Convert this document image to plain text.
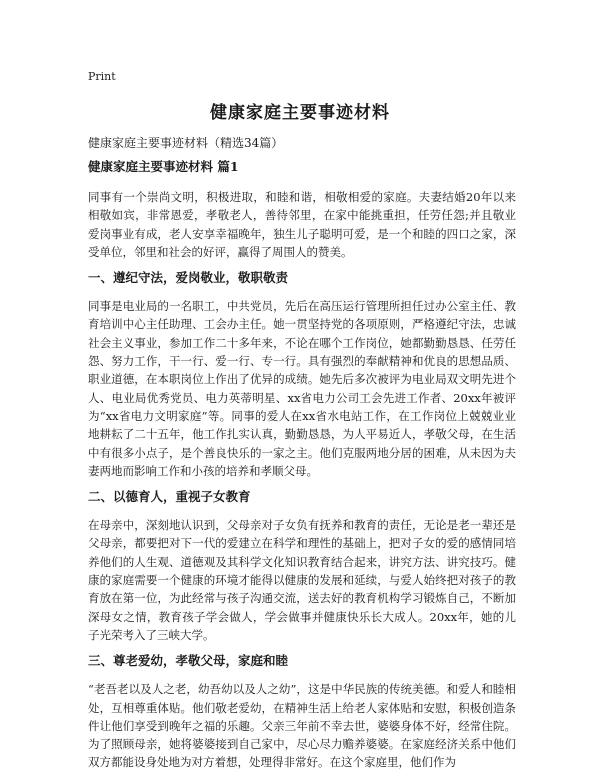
Print
健康家庭主要事迹材料

健康家庭主要事迹材料（精选34篇）

健康家庭主要事迹材料 篇1

同事有一个崇尚文明，积极进取，和睦和谐，相敬相爱的家庭。夫妻结婚20年以来相敬如宾，非常恩爱，孝敬老人，善待邻里，在家中能挑重担，任劳任怨;并且敬业爱岗事业有成，老人安享幸福晚年，独生儿子聪明可爱，是一个和睦的四口之家，深受单位，邻里和社会的好评，赢得了周围人的赞美。

一、遵纪守法，爱岗敬业，敬职敬责

同事是电业局的一名职工，中共党员，先后在高压运行管理所担任过办公室主任、教育培训中心主任助理、工会办主任。她一贯坚持党的各项原则，严格遵纪守法，忠诚社会主义事业，参加工作二十多年来，不论在哪个工作岗位，她都勤勤恳恳、任劳任怨、努力工作，干一行、爱一行、专一行。具有强烈的奉献精神和优良的思想品质、职业道德，在本职岗位上作出了优异的成绩。她先后多次被评为电业局双文明先进个人、电业局优秀党员、电力英蒂明星、xx省电力公司工会先进工作者、20xx年被评为“xx省电力文明家庭”等。同事的爱人在xx省水电站工作，在工作岗位上兢兢业业地耕耘了二十五年，他工作扎实认真，勤勤恳恳，为人平易近人，孝敬父母，在生活中有很多小点子，是个善良快乐的一家之主。他们克服两地分居的困难，从未因为夫妻两地而影响工作和小孩的培养和孝顺父母。

二、以德育人，重视子女教育

在母亲中，深刻地认识到，父母亲对子女负有抚养和教育的责任，无论是老一辈还是父母亲，都要把对下一代的爱建立在科学和理性的基础上，把对子女的爱的感情同培养他们的人生观、道德观及其科学文化知识教育结合起来，讲究方法、讲究技巧。健康的家庭需要一个健康的环境才能得以健康的发展和延续，与爱人始终把对孩子的教育放在第一位，为此经常与孩子沟通交流，送去好的教育机构学习锻炼自己，不断加深母女之情，教育孩子学会做人，学会做事并健康快乐长大成人。20xx年，她的儿子光荣考入了三峡大学。

三、尊老爱幼，孝敬父母，家庭和睦

“老吾老以及人之老，幼吾幼以及人之幼”，这是中华民族的传统美德。和爱人和睦相处，互相尊重体贴。他们敬老爱幼，在精神生活上给老人家体贴和安慰，积极创造条件让他们享受到晚年之福的乐趣。父亲三年前不幸去世，婆婆身体不好，经常住院。为了照顾母亲，她将婆婆接到自己家中，尽心尽力赡养婆婆。在家庭经济关系中他们双方都能设身处地为对方着想，处理得非常好。在这个家庭里，他们作为
